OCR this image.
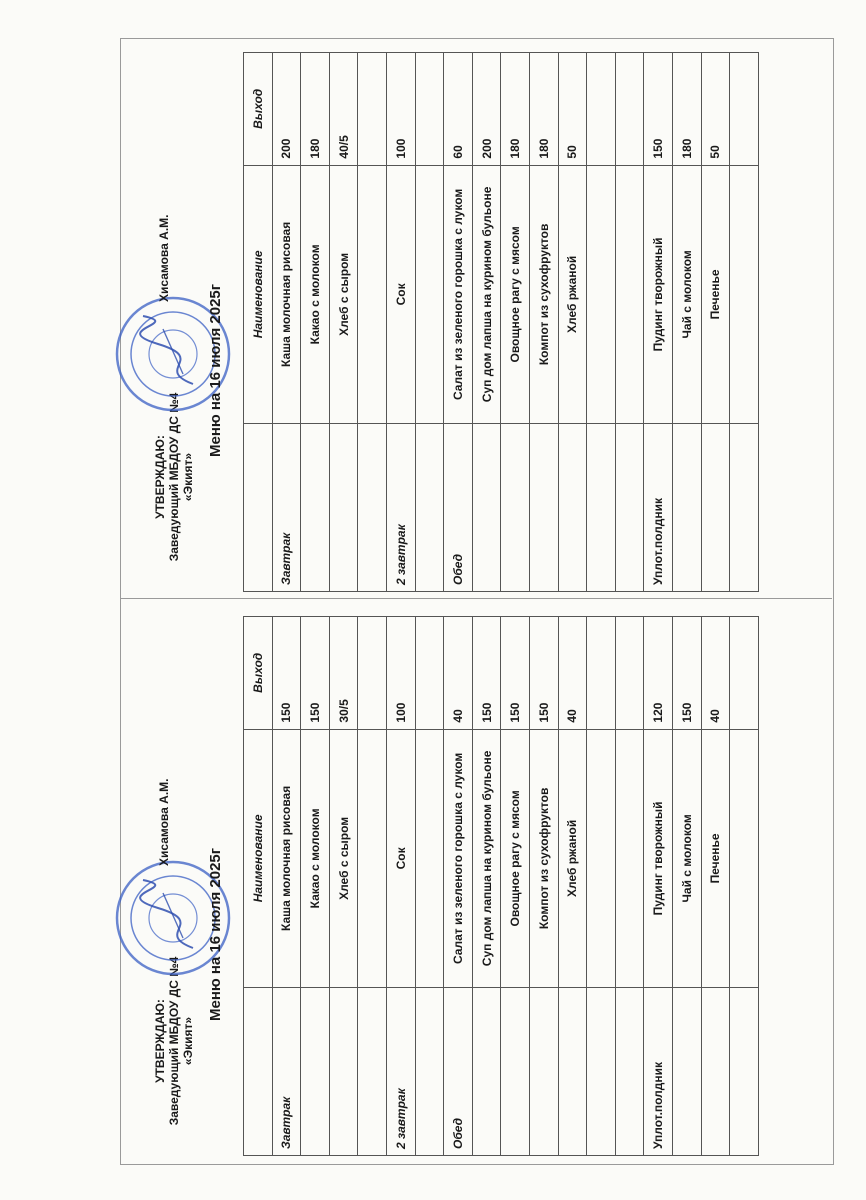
УТВЕРЖДАЮ: Заведующий МБДОУ ДС №4 «Экият»
Хисамова А.М.
Меню на 16 июля 2025г
	Наименование	Выход
Завтрак	Каша молочная рисовая	200
	Какао с молоком	180
	Хлеб с сыром	40/5

2 завтрак	Сок	100

Обед	Салат из зеленого горошка с луком	60
	Суп дом лапша на курином бульоне	200
	Овощное рагу с мясом	180
	Компот из сухофруктов	180
	Хлеб ржаной	50

Уплот.полдник	Пудинг творожный	150
	Чай с молоком	180
	Печенье	50

УТВЕРЖДАЮ: Заведующий МБДОУ ДС №4 «Экият»
Хисамова А.М.
Меню на 16 июля 2025г
	Наименование	Выход
Завтрак	Каша молочная рисовая	150
	Какао с молоком	150
	Хлеб с сыром	30/5

2 завтрак	Сок	100

Обед	Салат из зеленого горошка с луком	40
	Суп дом лапша на курином бульоне	150
	Овощное рагу с мясом	150
	Компот из сухофруктов	150
	Хлеб ржаной	40

Уплот.полдник	Пудинг творожный	120
	Чай с молоком	150
	Печенье	40
